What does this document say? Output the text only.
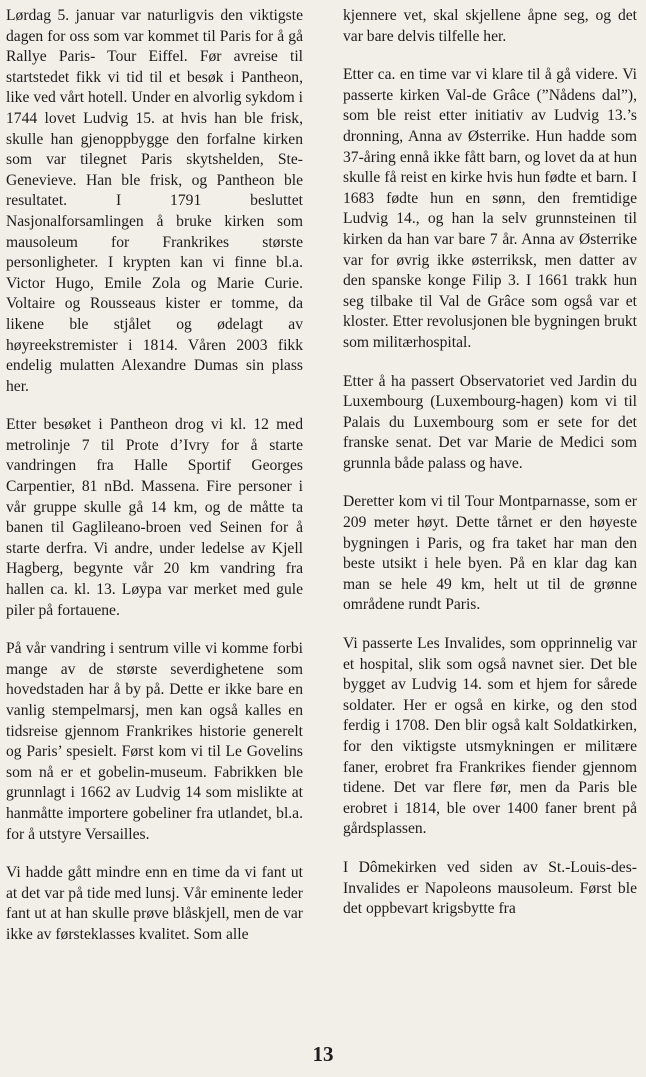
Lørdag 5. januar var naturligvis den viktigste dagen for oss som var kommet til Paris for å gå Rallye Paris- Tour Eiffel. Før avreise til startstedet fikk vi tid til et besøk i Pantheon, like ved vårt hotell. Under en alvorlig sykdom i 1744 lovet Ludvig 15. at hvis han ble frisk, skulle han gjenoppbygge den forfalne kirken som var tilegnet Paris skytshelden, Ste-Genevieve. Han ble frisk, og Pantheon ble resultatet. I 1791 besluttet Nasjonalforsamlingen å bruke kirken som mausoleum for Frankrikes største personligheter. I krypten kan vi finne bl.a. Victor Hugo, Emile Zola og Marie Curie. Voltaire og Rousseaus kister er tomme, da likene ble stjålet og ødelagt av høyreekstremister i 1814. Våren 2003 fikk endelig mulatten Alexandre Dumas sin plass her.

Etter besøket i Pantheon drog vi kl. 12 med metrolinje 7 til Prote d’Ivry for å starte vandringen fra Halle Sportif Georges Carpentier, 81 nBd. Massena. Fire personer i vår gruppe skulle gå 14 km, og de måtte ta banen til Gaglileano-broen ved Seinen for å starte derfra. Vi andre, under ledelse av Kjell Hagberg, begynte vår 20 km vandring fra hallen ca. kl. 13. Løypa var merket med gule piler på fortauene.

På vår vandring i sentrum ville vi komme forbi mange av de største severdighetene som hovedstaden har å by på. Dette er ikke bare en vanlig stempelmarsj, men kan også kalles en tidsreise gjennom Frankrikes historie generelt og Paris’ spesielt. Først kom vi til Le Govelins som nå er et gobelin-museum. Fabrikken ble grunnlagt i 1662 av Ludvig 14 som mislikte at hanmåtte importere gobeliner fra utlandet, bl.a. for å utstyre Versailles.

Vi hadde gått mindre enn en time da vi fant ut at det var på tide med lunsj. Vår eminente leder fant ut at han skulle prøve blåskjell, men de var ikke av førsteklasses kvalitet. Som alle

kjennere vet, skal skjellene åpne seg, og det var bare delvis tilfelle her.

Etter ca. en time var vi klare til å gå videre. Vi passerte kirken Val-de Grâce (”Nådens dal”), som ble reist etter initiativ av Ludvig 13.’s dronning, Anna av Østerrike. Hun hadde som 37-åring ennå ikke fått barn, og lovet da at hun skulle få reist en kirke hvis hun fødte et barn. I 1683 fødte hun en sønn, den fremtidige Ludvig 14., og han la selv grunnsteinen til kirken da han var bare 7 år. Anna av Østerrike var for øvrig ikke østerriksk, men datter av den spanske konge Filip 3. I 1661 trakk hun seg tilbake til Val de Grâce som også var et kloster. Etter revolusjonen ble bygningen brukt som militærhospital.

Etter å ha passert Observatoriet ved Jardin du Luxembourg (Luxembourg-hagen) kom vi til Palais du Luxembourg som er sete for det franske senat. Det var Marie de Medici som grunnla både palass og have.

Deretter kom vi til Tour Montparnasse, som er 209 meter høyt. Dette tårnet er den høyeste bygningen i Paris, og fra taket har man den beste utsikt i hele byen. På en klar dag kan man se hele 49 km, helt ut til de grønne områdene rundt Paris.

Vi passerte Les Invalides, som opprinnelig var et hospital, slik som også navnet sier. Det ble bygget av Ludvig 14. som et hjem for sårede soldater. Her er også en kirke, og den stod ferdig i 1708. Den blir også kalt Soldatkirken, for den viktigste utsmykningen er militære faner, erobret fra Frankrikes fiender gjennom tidene. Det var flere før, men da Paris ble erobret i 1814, ble over 1400 faner brent på gårdsplassen.

I Dômekirken ved siden av St.-Louis-des-Invalides er Napoleons mausoleum. Først ble det oppbevart krigsbytte fra

13
